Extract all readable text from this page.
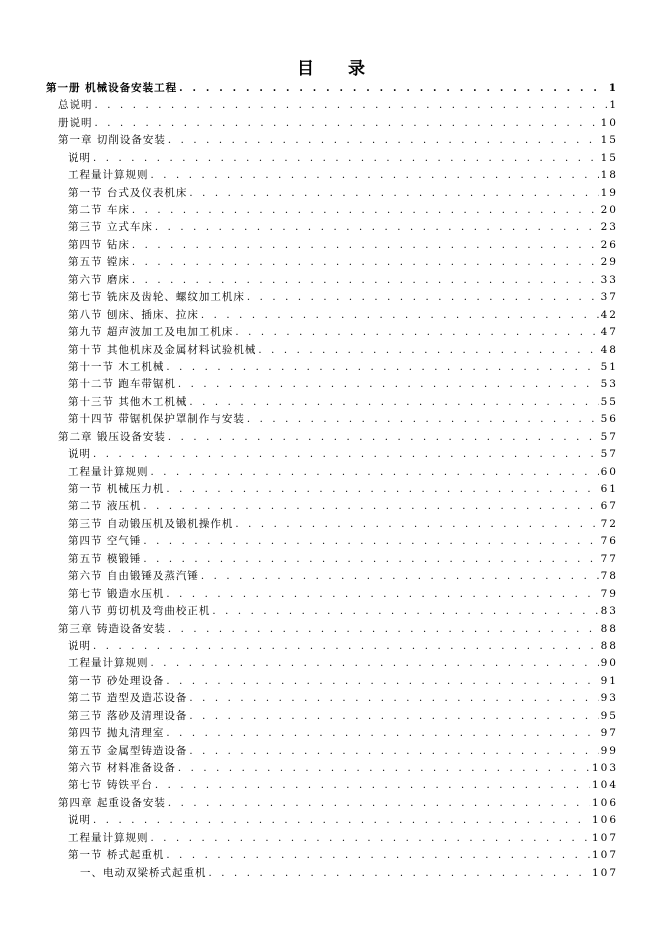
目 录
第一册 机械设备安装工程 . . .	1
总说明 . . .	1
册说明 . . .	10
第一章 切削设备安装 . . .	15
说明 . . .	15
工程量计算规则 . . .	18
第一节 台式及仪表机床 . . .	19
第二节 车床 . . .	20
第三节 立式车床 . . .	23
第四节 钻床 . . .	26
第五节 镗床 . . .	29
第六节 磨床 . . .	33
第七节 铣床及齿轮、螺纹加工机床 . . .	37
第八节 刨床、插床、拉床 . . .	42
第九节 超声波加工及电加工机床 . . .	47
第十节 其他机床及金属材料试验机械 . . .	48
第十一节 木工机械 . . .	51
第十二节 跑车带锯机 . . .	53
第十三节 其他木工机械 . . .	55
第十四节 带锯机保护罩制作与安装 . . .	56
第二章 锻压设备安装 . . .	57
说明 . . .	57
工程量计算规则 . . .	60
第一节 机械压力机 . . .	61
第二节 液压机 . . .	67
第三节 自动锻压机及锻机操作机 . . .	72
第四节 空气锤 . . .	76
第五节 模锻锤 . . .	77
第六节 自由锻锤及蒸汽锤 . . .	78
第七节 锻造水压机 . . .	79
第八节 剪切机及弯曲校正机 . . .	83
第三章 铸造设备安装 . . .	88
说明 . . .	88
工程量计算规则 . . .	90
第一节 砂处理设备 . . .	91
第二节 造型及造芯设备 . . .	93
第三节 落砂及清理设备 . . .	95
第四节 抛丸清理室 . . .	97
第五节 金属型铸造设备 . . .	99
第六节 材料准备设备 . . .	103
第七节 铸铁平台 . . .	104
第四章 起重设备安装 . . .	106
说明 . . .	106
工程量计算规则 . . .	107
第一节 桥式起重机 . . .	107
一、电动双梁桥式起重机 . . .	107
